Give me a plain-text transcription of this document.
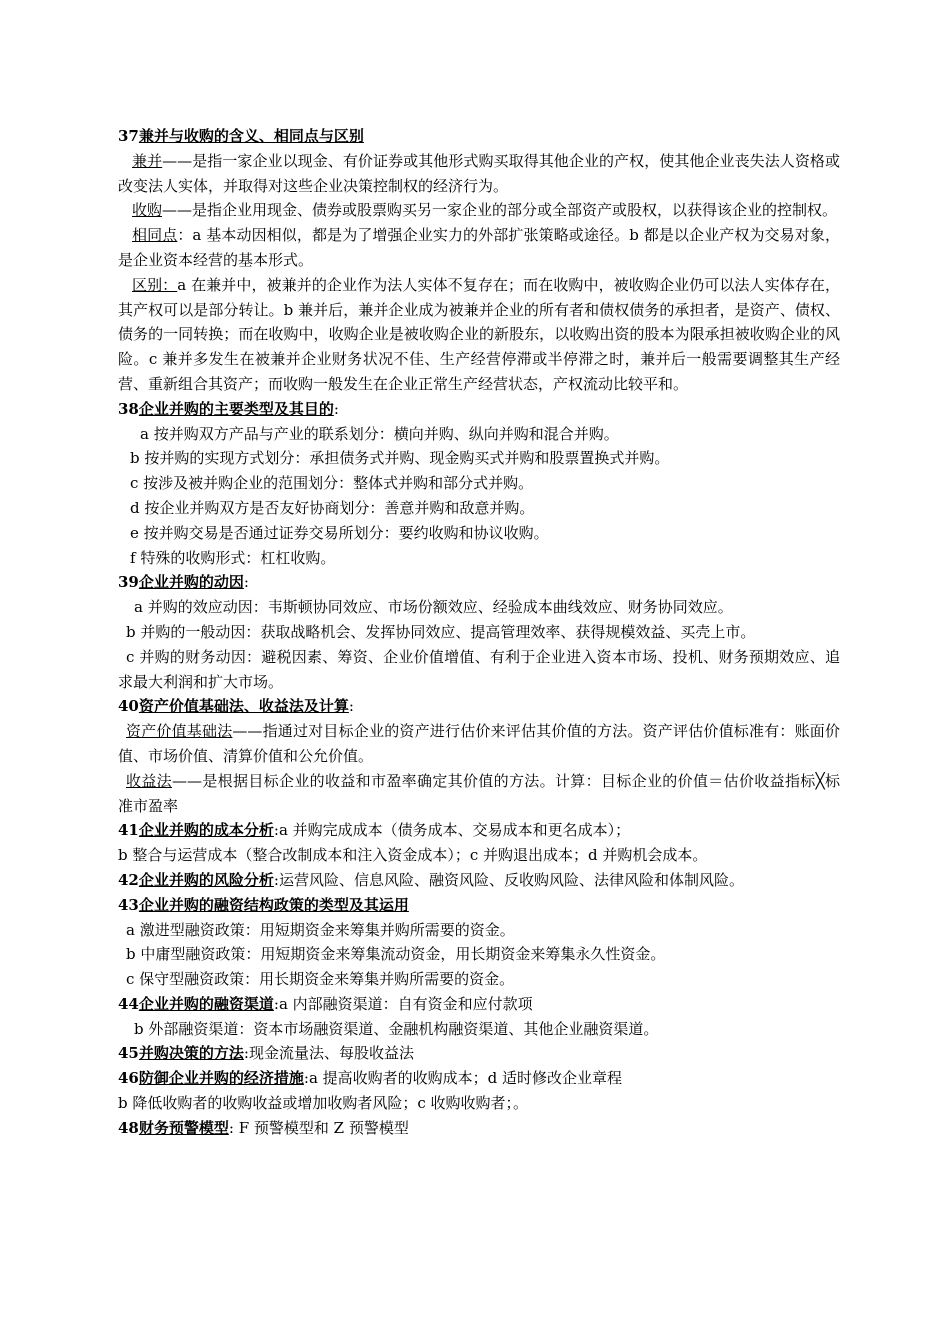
37兼并与收购的含义、相同点与区别
兼并——是指一家企业以现金、有价证券或其他形式购买取得其他企业的产权，使其他企业丧失法人资格或改变法人实体，并取得对这些企业决策控制权的经济行为。
收购——是指企业用现金、债券或股票购买另一家企业的部分或全部资产或股权，以获得该企业的控制权。
相同点：a 基本动因相似，都是为了增强企业实力的外部扩张策略或途径。b 都是以企业产权为交易对象，是企业资本经营的基本形式。
区别：a 在兼并中，被兼并的企业作为法人实体不复存在；而在收购中，被收购企业仍可以法人实体存在，其产权可以是部分转让。b 兼并后，兼并企业成为被兼并企业的所有者和债权债务的承担者，是资产、债权、债务的一同转换；而在收购中，收购企业是被收购企业的新股东，以收购出资的股本为限承担被收购企业的风险。c 兼并多发生在被兼并企业财务状况不佳、生产经营停滞或半停滞之时，兼并后一般需要调整其生产经营、重新组合其资产；而收购一般发生在企业正常生产经营状态，产权流动比较平和。
38企业并购的主要类型及其目的:
a 按并购双方产品与产业的联系划分：横向并购、纵向并购和混合并购。
b 按并购的实现方式划分：承担债务式并购、现金购买式并购和股票置换式并购。
c 按涉及被并购企业的范围划分：整体式并购和部分式并购。
d 按企业并购双方是否友好协商划分：善意并购和敌意并购。
e 按并购交易是否通过证券交易所划分：要约收购和协议收购。
f 特殊的收购形式：杠杠收购。
39企业并购的动因:
a 并购的效应动因：韦斯顿协同效应、市场份额效应、经验成本曲线效应、财务协同效应。
b 并购的一般动因：获取战略机会、发挥协同效应、提高管理效率、获得规模效益、买壳上市。
c 并购的财务动因：避税因素、筹资、企业价值增值、有利于企业进入资本市场、投机、财务预期效应、追求最大利润和扩大市场。
40资产价值基础法、收益法及计算:
资产价值基础法——指通过对目标企业的资产进行估价来评估其价值的方法。资产评估价值标准有：账面价值、市场价值、清算价值和公允价值。
收益法——是根据目标企业的收益和市盈率确定其价值的方法。计算：目标企业的价值＝估价收益指标╳标准市盈率
41企业并购的成本分析:a 并购完成成本（债务成本、交易成本和更名成本）；
b 整合与运营成本（整合改制成本和注入资金成本）；c 并购退出成本；d 并购机会成本。
42企业并购的风险分析:运营风险、信息风险、融资风险、反收购风险、法律风险和体制风险。
43企业并购的融资结构政策的类型及其运用
a 激进型融资政策：用短期资金来筹集并购所需要的资金。
b 中庸型融资政策：用短期资金来筹集流动资金，用长期资金来筹集永久性资金。
c 保守型融资政策：用长期资金来筹集并购所需要的资金。
44企业并购的融资渠道:a 内部融资渠道：自有资金和应付款项
b 外部融资渠道：资本市场融资渠道、金融机构融资渠道、其他企业融资渠道。
45并购决策的方法:现金流量法、每股收益法
46防御企业并购的经济措施:a 提高收购者的收购成本；d 适时修改企业章程
b 降低收购者的收购收益或增加收购者风险；c 收购收购者；。
48财务预警模型: F 预警模型和 Z 预警模型
